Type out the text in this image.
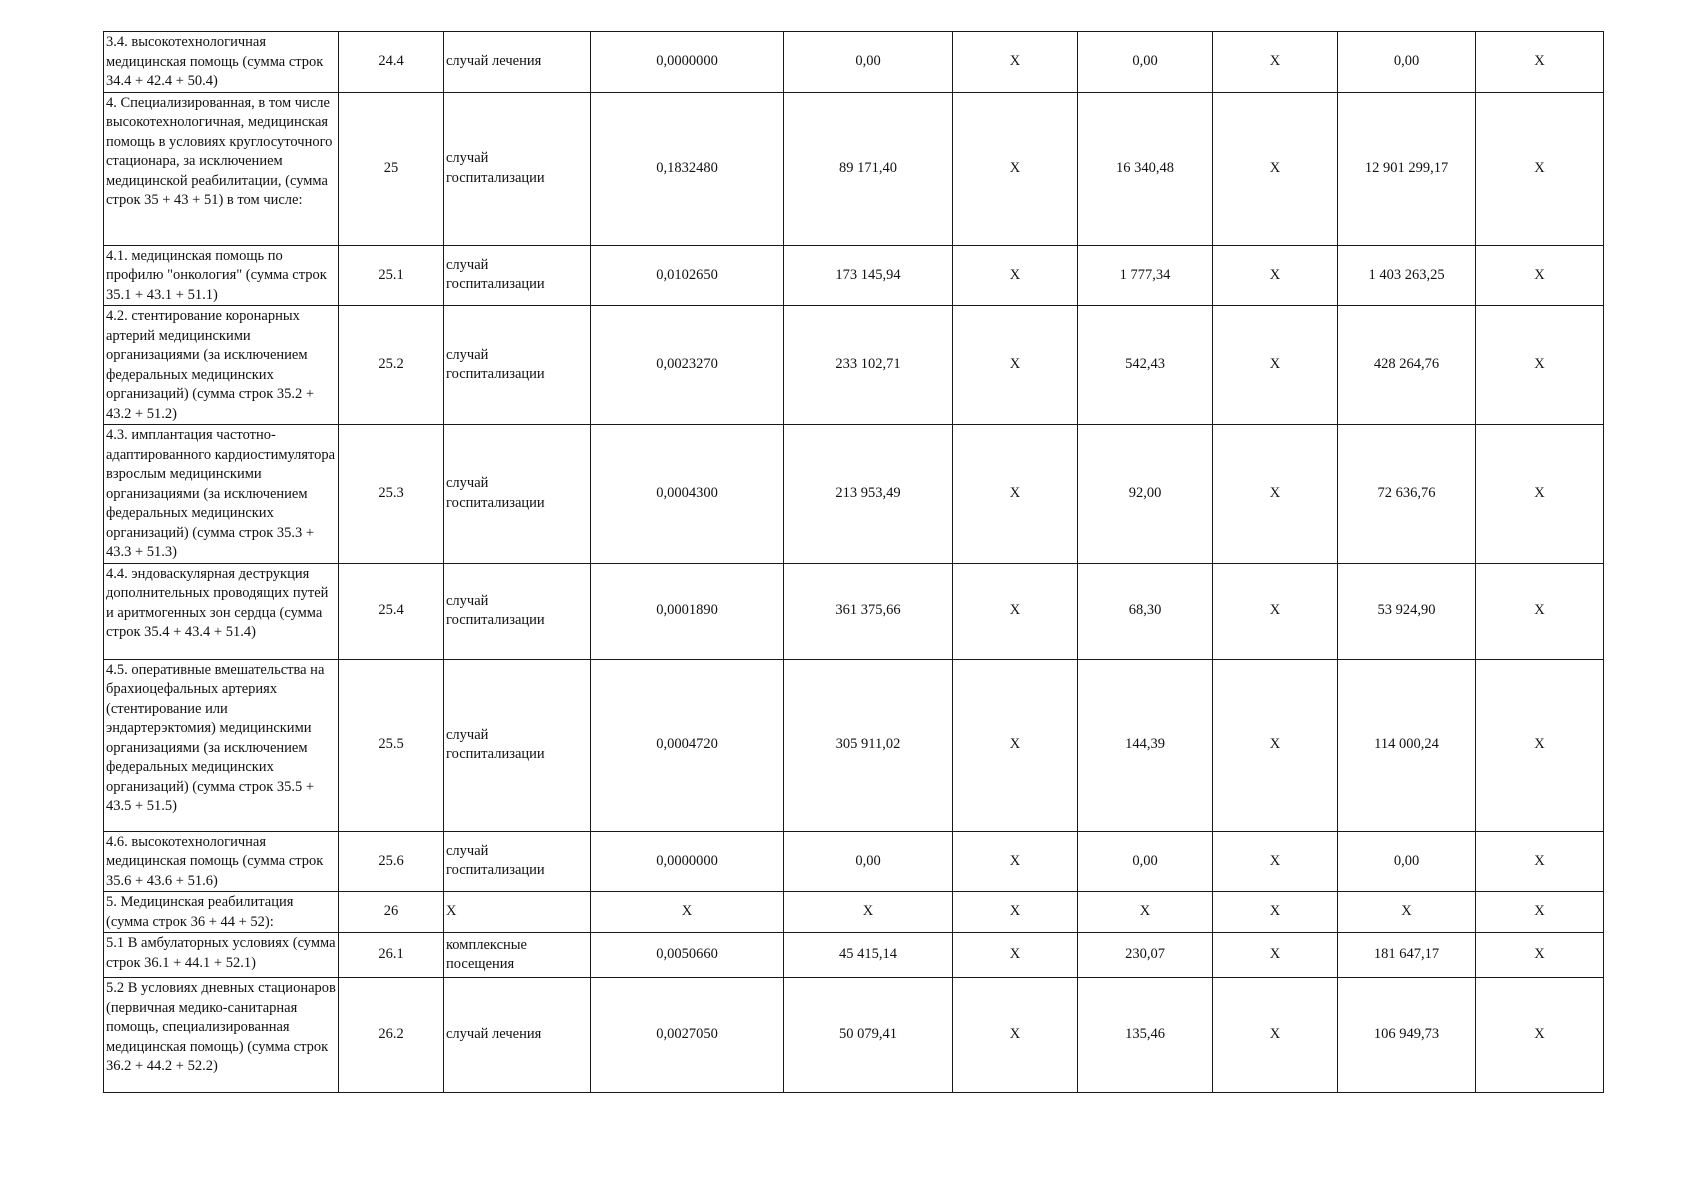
3.4. высокотехнологичная медицинская помощь (сумма строк 34.4 + 42.4 + 50.4)	24.4	случай лечения	0,0000000	0,00	X	0,00	X	0,00	X
4. Специализированная, в том числе высокотехнологичная, медицинская помощь в условиях круглосуточного стационара, за исключением медицинской реабилитации, (сумма строк 35 + 43 + 51) в том числе:	25	случай госпитализации	0,1832480	89 171,40	X	16 340,48	X	12 901 299,17	X
4.1. медицинская помощь по профилю "онкология" (сумма строк 35.1 + 43.1 + 51.1)	25.1	случай госпитализации	0,0102650	173 145,94	X	1 777,34	X	1 403 263,25	X
4.2. стентирование коронарных артерий медицинскими организациями (за исключением федеральных медицинских организаций) (сумма строк 35.2 + 43.2 + 51.2)	25.2	случай госпитализации	0,0023270	233 102,71	X	542,43	X	428 264,76	X
4.3. имплантация частотно-адаптированного кардиостимулятора взрослым медицинскими организациями (за исключением федеральных медицинских организаций) (сумма строк 35.3 + 43.3 + 51.3)	25.3	случай госпитализации	0,0004300	213 953,49	X	92,00	X	72 636,76	X
4.4. эндоваскулярная деструкция дополнительных проводящих путей и аритмогенных зон сердца (сумма строк 35.4 + 43.4 + 51.4)	25.4	случай госпитализации	0,0001890	361 375,66	X	68,30	X	53 924,90	X
4.5. оперативные вмешательства на брахиоцефальных артериях (стентирование или эндартерэктомия) медицинскими организациями (за исключением федеральных медицинских организаций) (сумма строк 35.5 + 43.5 + 51.5)	25.5	случай госпитализации	0,0004720	305 911,02	X	144,39	X	114 000,24	X
4.6. высокотехнологичная медицинская помощь (сумма строк 35.6 + 43.6 + 51.6)	25.6	случай госпитализации	0,0000000	0,00	X	0,00	X	0,00	X
5. Медицинская реабилитация (сумма строк 36 + 44 + 52):	26	X	X	X	X	X	X	X	X
5.1 В амбулаторных условиях (сумма строк 36.1 + 44.1 + 52.1)	26.1	комплексные посещения	0,0050660	45 415,14	X	230,07	X	181 647,17	X
5.2 В условиях дневных стационаров (первичная медико-санитарная помощь, специализированная медицинская помощь) (сумма строк 36.2 + 44.2 + 52.2)	26.2	случай лечения	0,0027050	50 079,41	X	135,46	X	106 949,73	X
